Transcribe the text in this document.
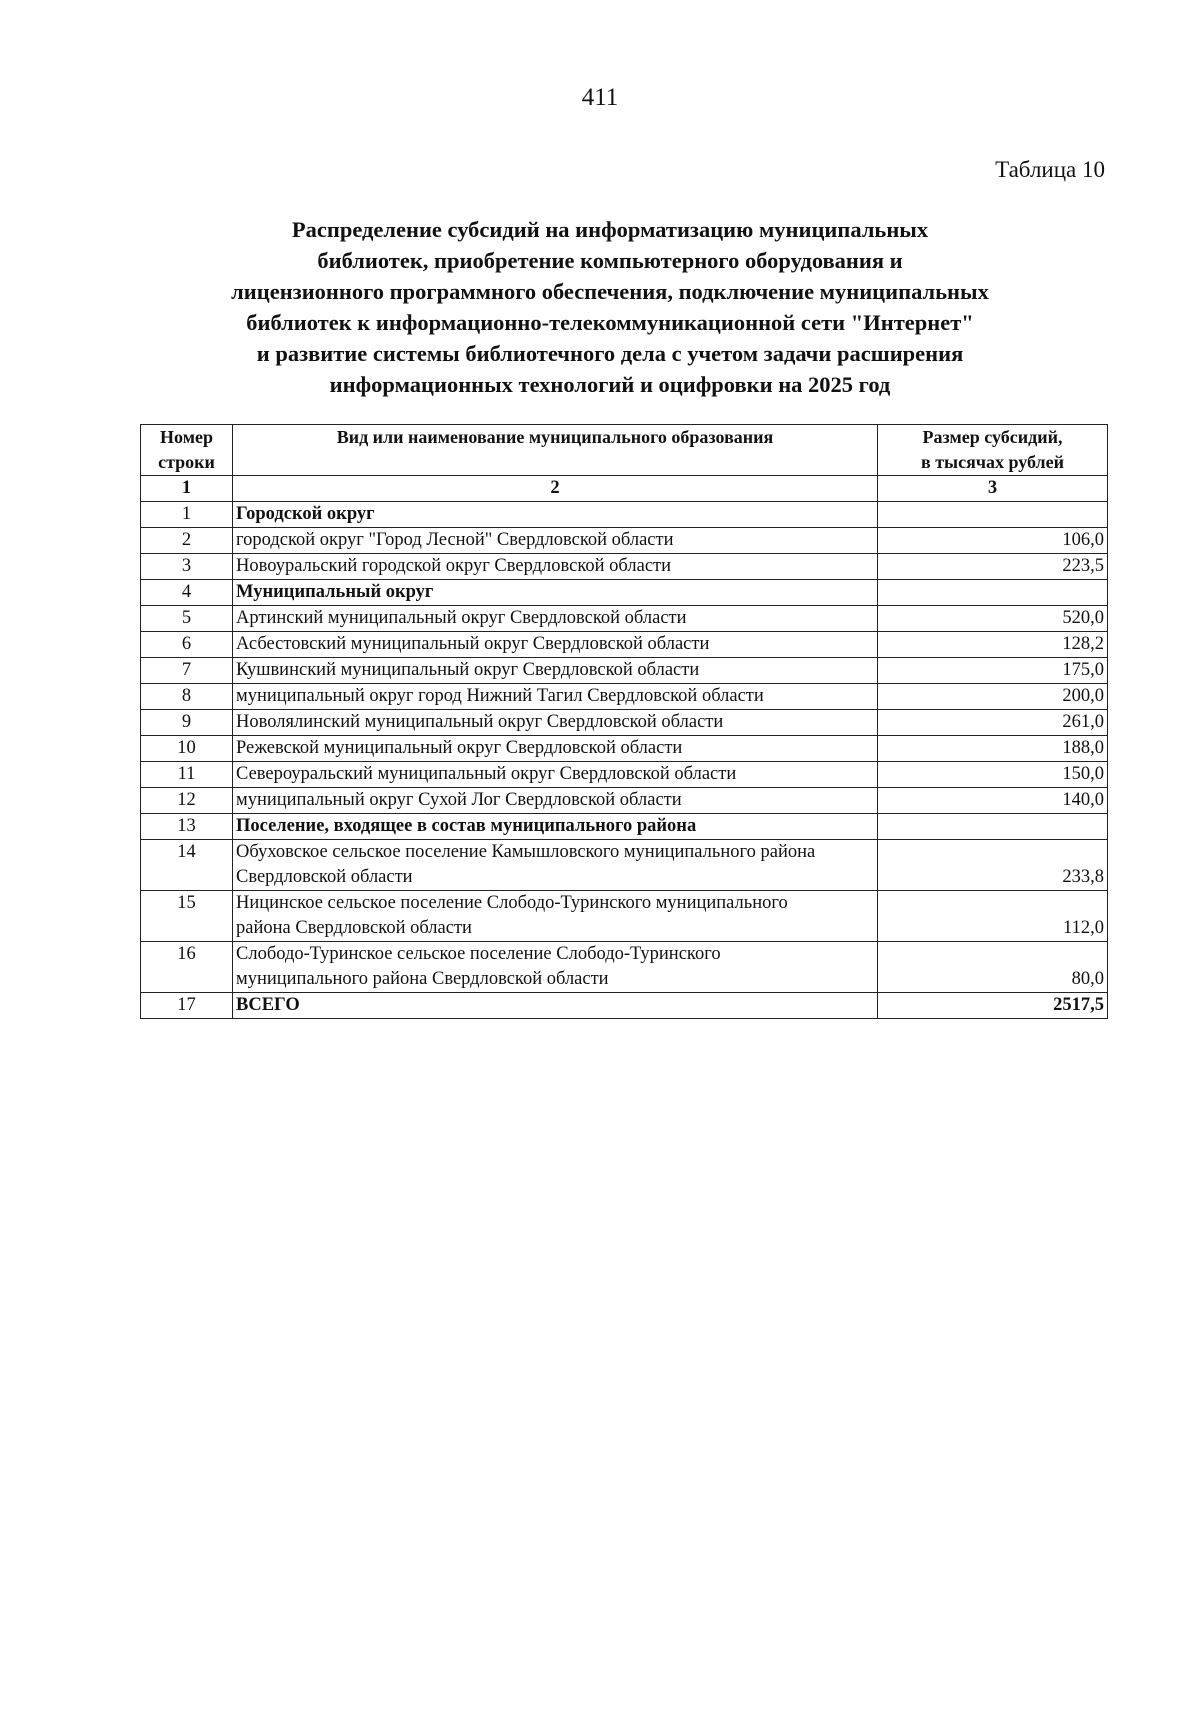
411
Таблица 10
Распределение субсидий на информатизацию муниципальных
библиотек, приобретение компьютерного оборудования и
лицензионного программного обеспечения, подключение муниципальных
библиотек к информационно-телекоммуникационной сети "Интернет"
и развитие системы библиотечного дела с учетом задачи расширения
информационных технологий и оцифровки на 2025 год
Номер строки	Вид или наименование муниципального образования	Размер субсидий,
в тысячах рублей
1	2	3
1	Городской округ	
2	городской округ "Город Лесной" Свердловской области	106,0
3	Новоуральский городской округ Свердловской области	223,5
4	Муниципальный округ	
5	Артинский муниципальный округ Свердловской области	520,0
6	Асбестовский муниципальный округ Свердловской области	128,2
7	Кушвинский муниципальный округ Свердловской области	175,0
8	муниципальный округ город Нижний Тагил Свердловской области	200,0
9	Новолялинский муниципальный округ Свердловской области	261,0
10	Режевской муниципальный округ Свердловской области	188,0
11	Североуральский муниципальный округ Свердловской области	150,0
12	муниципальный округ Сухой Лог Свердловской области	140,0
13	Поселение, входящее в состав муниципального района	
14	Обуховское сельское поселение Камышловского муниципального района
Свердловской области	233,8
15	Ницинское сельское поселение Слободо-Туринского муниципального
района Свердловской области	112,0
16	Слободо-Туринское сельское поселение Слободо-Туринского
муниципального района Свердловской области	80,0
17	ВСЕГО	2517,5
